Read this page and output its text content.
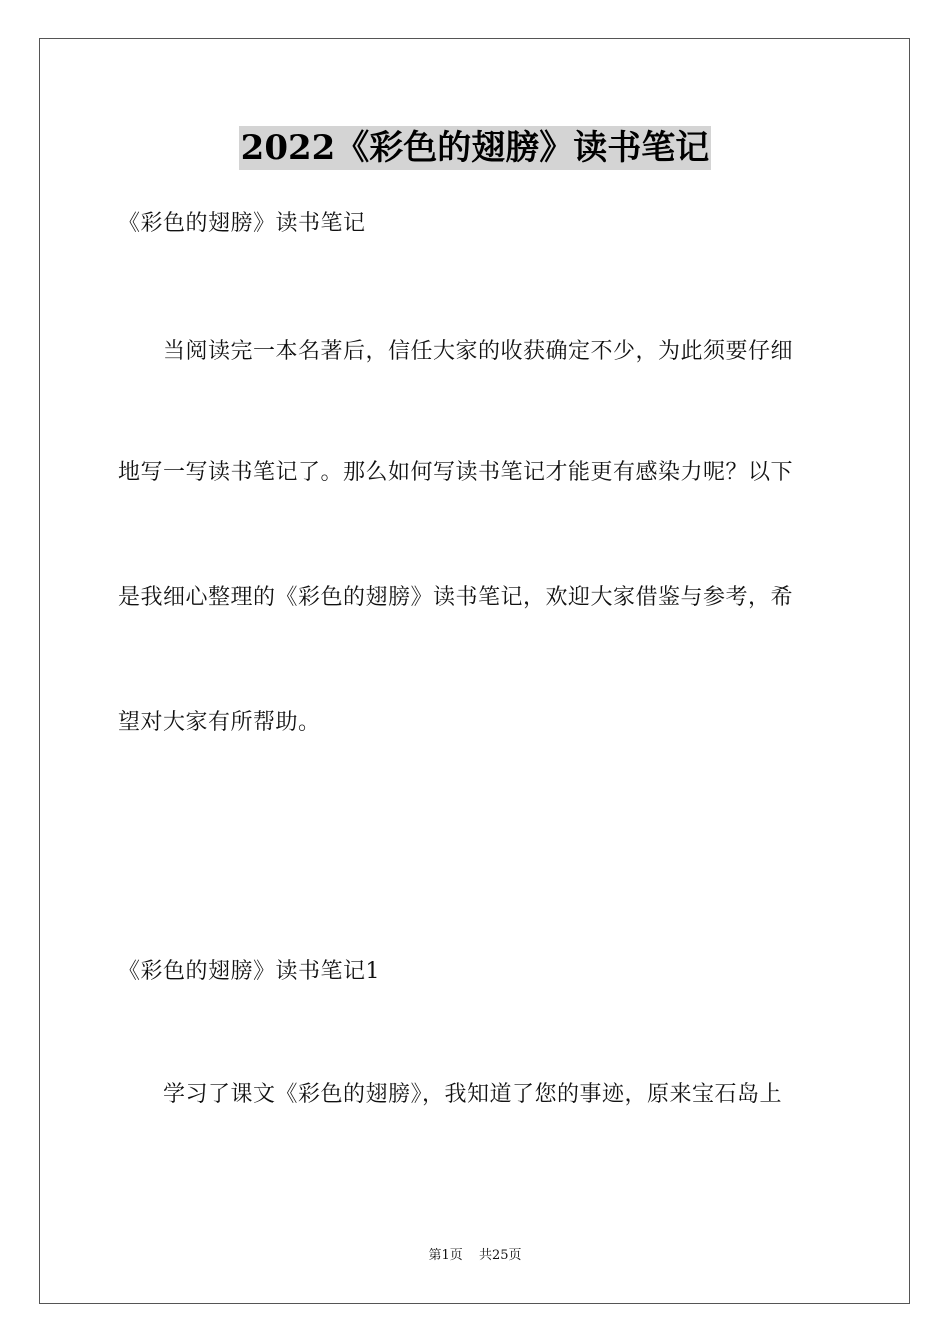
2022《彩色的翅膀》读书笔记
《彩色的翅膀》读书笔记
当阅读完一本名著后，信任大家的收获确定不少，为此须要仔细
地写一写读书笔记了。那么如何写读书笔记才能更有感染力呢？以下
是我细心整理的《彩色的翅膀》读书笔记，欢迎大家借鉴与参考，希
望对大家有所帮助。
《彩色的翅膀》读书笔记1
学习了课文《彩色的翅膀》，我知道了您的事迹，原来宝石岛上
第1页 共25页
